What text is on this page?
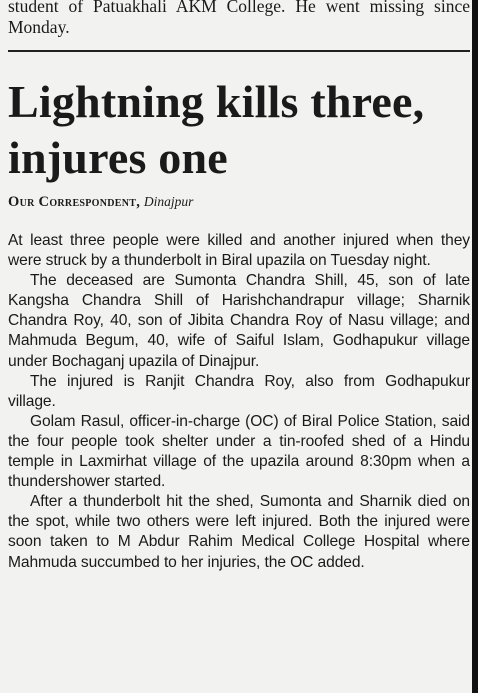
student of Patuakhali AKM College. He went missing since Monday.
Lightning kills three, injures one
Our Correspondent, Dinajpur

At least three people were killed and another injured when they were struck by a thunderbolt in Biral upazila on Tuesday night.

The deceased are Sumonta Chandra Shill, 45, son of late Kangsha Chandra Shill of Harishchandrapur village; Sharnik Chandra Roy, 40, son of Jibita Chandra Roy of Nasu village; and Mahmuda Begum, 40, wife of Saiful Islam, Godhapukur village under Bochaganj upazila of Dinajpur.

The injured is Ranjit Chandra Roy, also from Godhapukur village.

Golam Rasul, officer-in-charge (OC) of Biral Police Station, said the four people took shelter under a tin-roofed shed of a Hindu temple in Laxmirhat village of the upazila around 8:30pm when a thundershower started.

After a thunderbolt hit the shed, Sumonta and Sharnik died on the spot, while two others were left injured. Both the injured were soon taken to M Abdur Rahim Medical College Hospital where Mahmuda succumbed to her injuries, the OC added.
